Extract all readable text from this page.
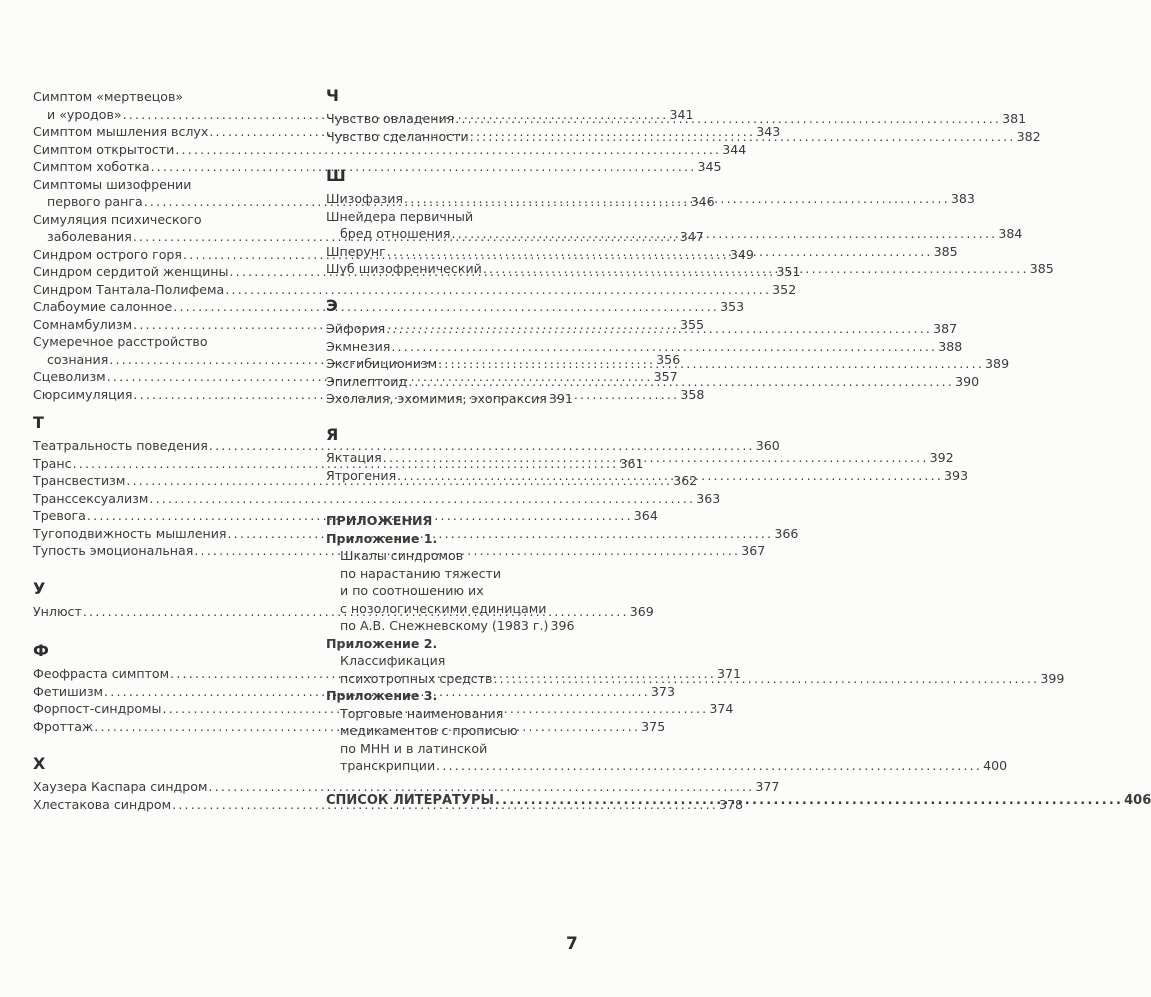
Симптом «мертвецов»
и «уродов» .....	341
Симптом мышления вслух .....	343
Симптом открытости .....	344
Симптом хоботка .....	345
Симптомы шизофрении
первого ранга .....	346
Симуляция психического
заболевания .....	347
Синдром острого горя .....	349
Синдром сердитой женщины .....	351
Синдром Тантала-Полифема .....	352
Слабоумие салонное .....	353
Сомнамбулизм .....	355
Сумеречное расстройство
сознания .....	356
Сцеволизм .....	357
Сюрсимуляция .....	358
Т
Театральность поведения .....	360
Транс .....	361
Трансвестизм .....	362
Транссексуализм .....	363
Тревога .....	364
Тугоподвижность мышления .....	366
Тупость эмоциональная .....	367
У
Унлюст .....	369
Ф
Феофраста симптом .....	371
Фетишизм .....	373
Форпост-синдромы .....	374
Фроттаж .....	375
Х
Хаузера Каспара синдром .....	377
Хлестакова синдром .....	378
Ч
Чувство овладения .....	381
Чувство сделанности .....	382
Ш
Шизофазия .....	383
Шнейдера первичный
бред отношения .....	384
Шперунг .....	385
Шуб шизофренический .....	385
Э
Эйфория .....	387
Экмнезия .....	388
Эксгибиционизм .....	389
Эпилептоид .....	390
Эхолалия, эхомимия, эхопраксия ..... 391
Я
Яктация .....	392
Ятрогения .....	393
ПРИЛОЖЕНИЯ
Приложение 1.
Шкалы синдромов
по нарастанию тяжести
и по соотношению их
с нозологическими единицами
по А.В. Снежневскому (1983 г.) ..... 396
Приложение 2.
Классификация
психотропных средств .....	399
Приложение 3.
Торговые наименования
медикаментов с прописью
по МНН и в латинской
транскрипции .....	400
СПИСОК ЛИТЕРАТУРЫ .....	406
7
